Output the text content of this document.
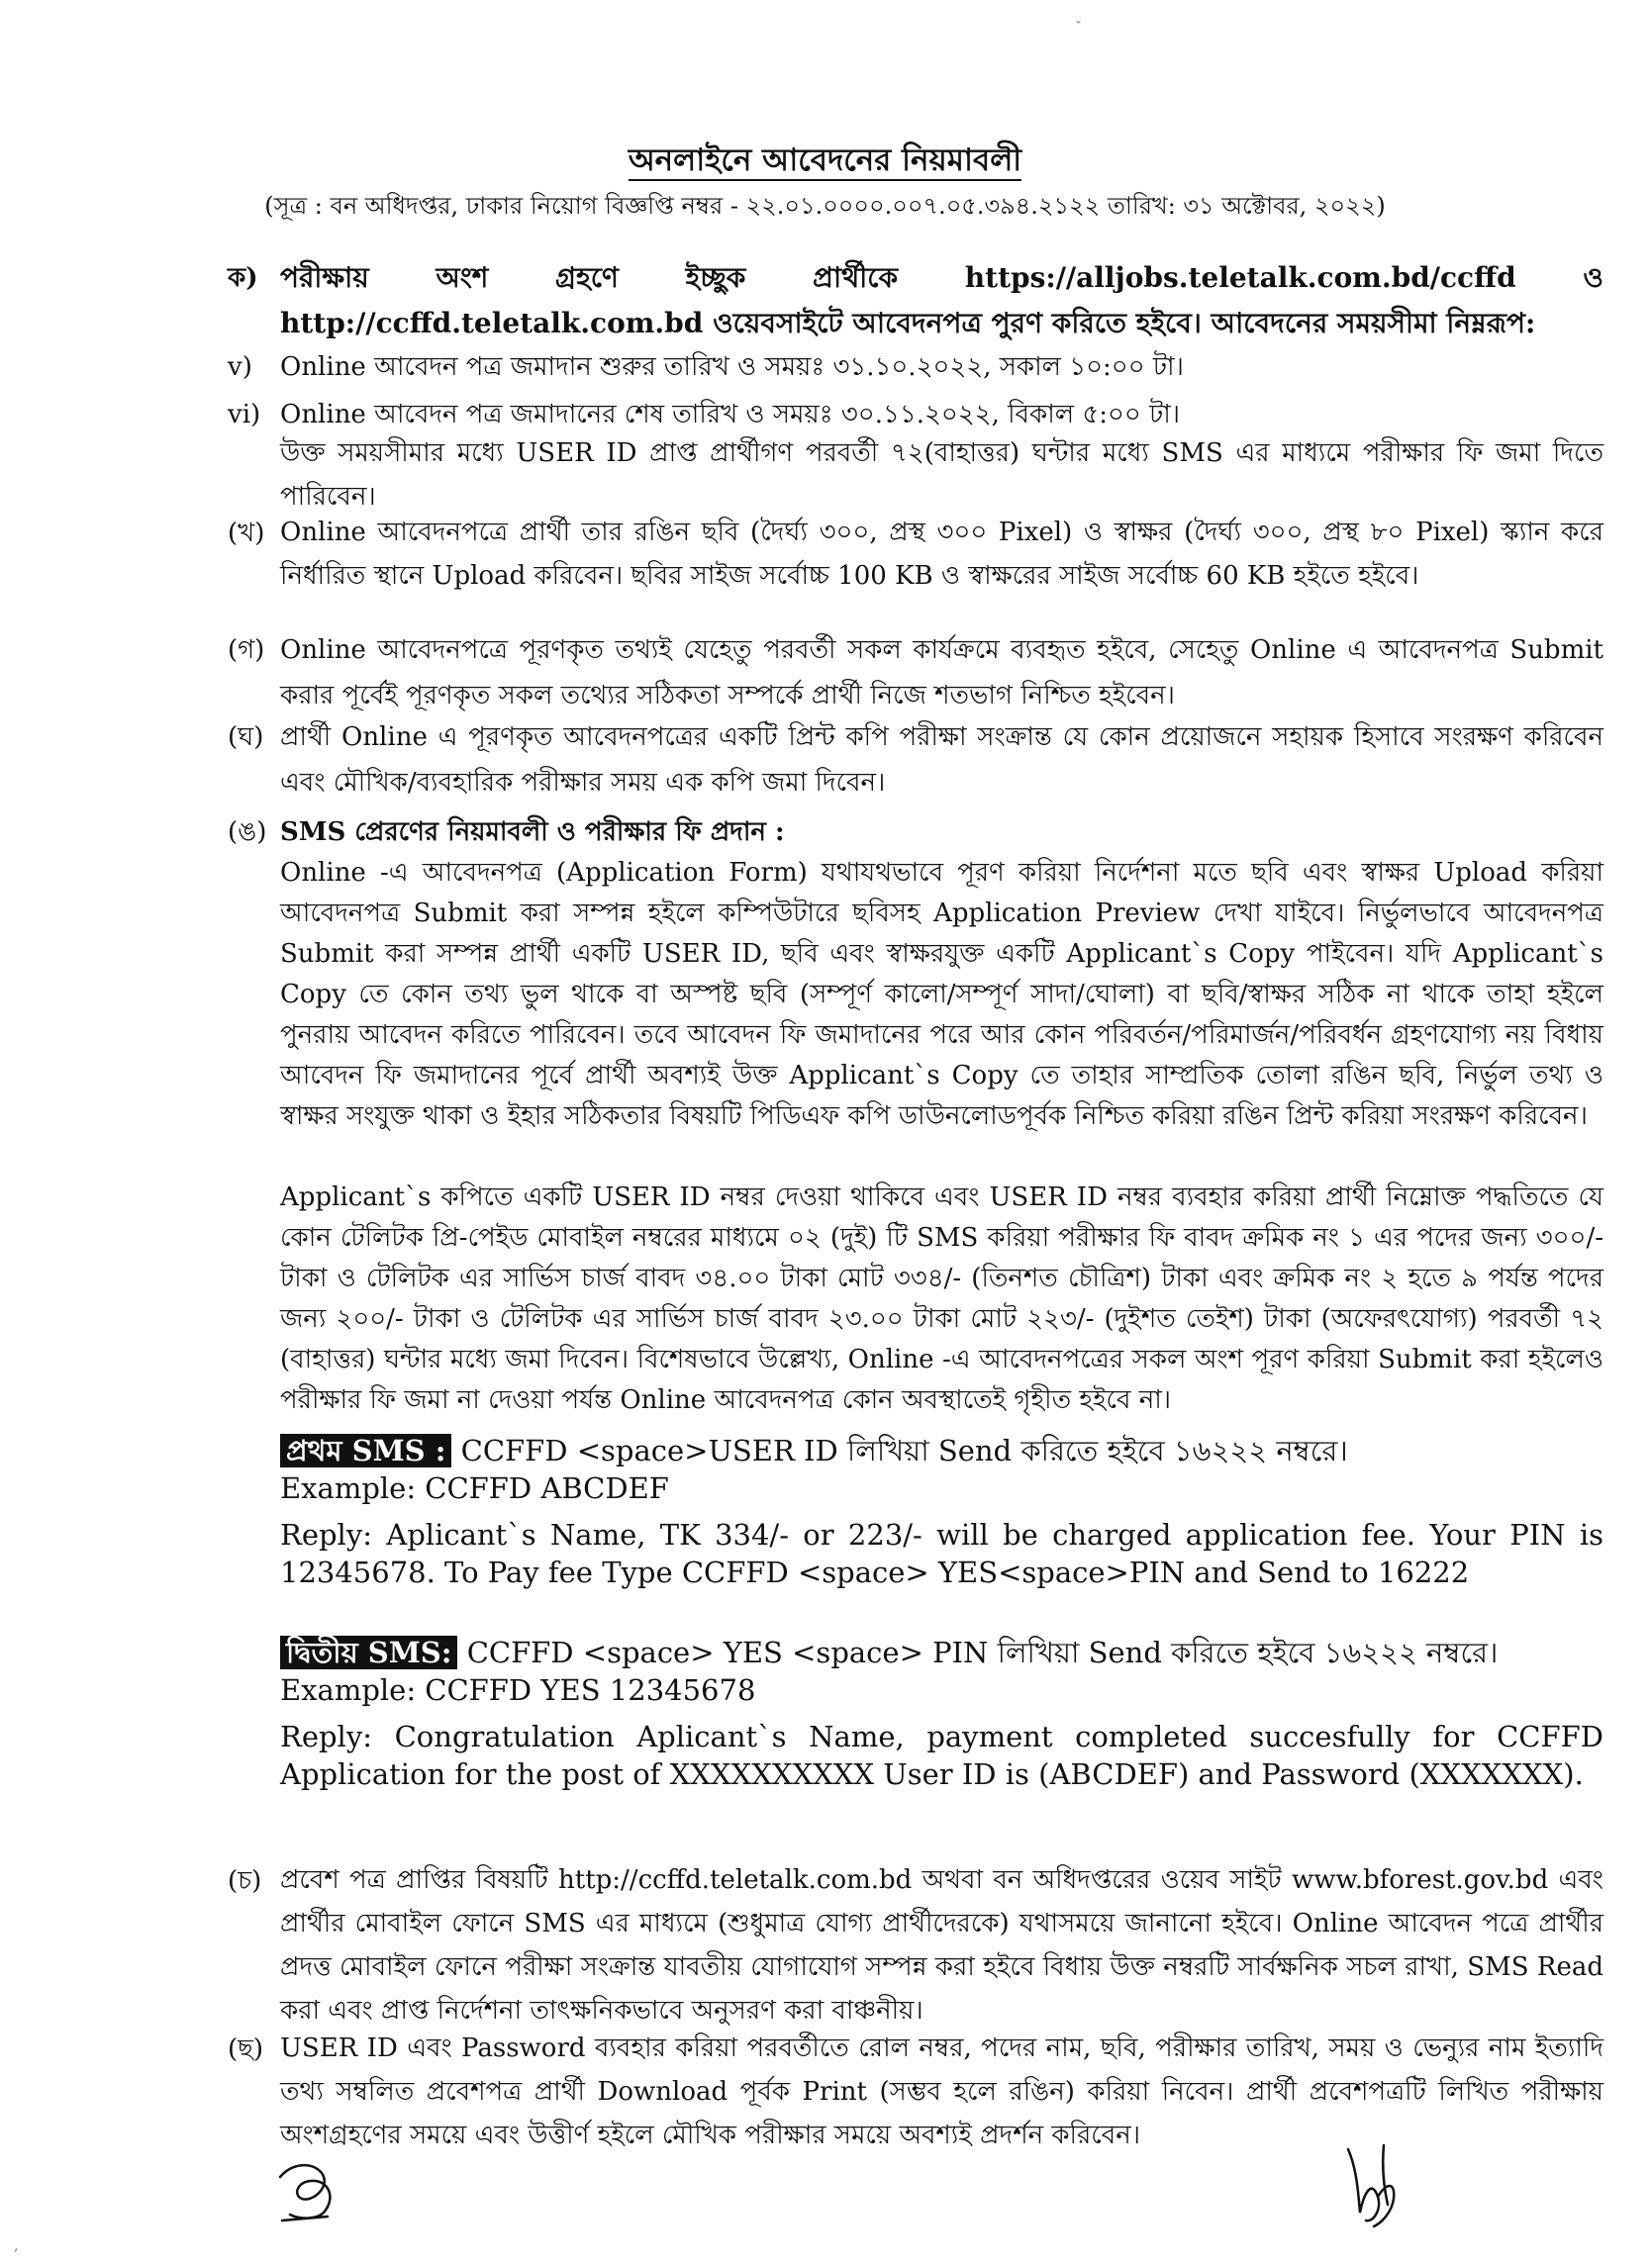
অনলাইনে আবেদনের নিয়মাবলী
(সূত্র : বন অধিদপ্তর, ঢাকার নিয়োগ বিজ্ঞপ্তি নম্বর - ২২.০১.০০০০.০০৭.০৫.৩৯৪.২১২২ তারিখ: ৩১ অক্টোবর, ২০২২)
ক) পরীক্ষায় অংশ গ্রহণে ইচ্ছুক প্রার্থীকে https://alljobs.teletalk.com.bd/ccffd ও http://ccffd.teletalk.com.bd ওয়েবসাইটে আবেদনপত্র পুরণ করিতে হইবে। আবেদনের সময়সীমা নিম্নরূপ:
v)	Online আবেদন পত্র জমাদান শুরুর তারিখ ও সময়ঃ ৩১.১০.২০২২, সকাল ১০:০০ টা।
vi) Online আবেদন পত্র জমাদানের শেষ তারিখ ও সময়ঃ ৩০.১১.২০২২, বিকাল ৫:০০ টা।
উক্ত সময়সীমার মধ্যে USER ID প্রাপ্ত প্রার্থীগণ পরবর্তী ৭২(বাহাত্তর) ঘন্টার মধ্যে SMS এর মাধ্যমে পরীক্ষার ফি জমা দিতে পারিবেন।
(খ) Online আবেদনপত্রে প্রার্থী তার রঙিন ছবি (দৈর্ঘ্য ৩০০, প্রস্থ ৩০০ Pixel) ও স্বাক্ষর (দৈর্ঘ্য ৩০০, প্রস্থ ৮০ Pixel) স্ক্যান করে নির্ধারিত স্থানে Upload করিবেন। ছবির সাইজ সর্বোচ্চ 100 KB ও স্বাক্ষরের সাইজ সর্বোচ্চ 60 KB হইতে হইবে।
(গ) Online আবেদনপত্রে পূরণকৃত তথ্যই যেহেতু পরবর্তী সকল কার্যক্রমে ব্যবহৃত হইবে, সেহেতু Online এ আবেদনপত্র Submit করার পূর্বেই পূরণকৃত সকল তথ্যের সঠিকতা সম্পর্কে প্রার্থী নিজে শতভাগ নিশ্চিত হইবেন।
(ঘ) প্রার্থী Online এ পূরণকৃত আবেদনপত্রের একটি প্রিন্ট কপি পরীক্ষা সংক্রান্ত যে কোন প্রয়োজনে সহায়ক হিসাবে সংরক্ষণ করিবেন এবং মৌখিক/ব্যবহারিক পরীক্ষার সময় এক কপি জমা দিবেন।
(ঙ) SMS প্রেরণের নিয়মাবলী ও পরীক্ষার ফি প্রদান :
Online -এ আবেদনপত্র (Application Form) যথাযথভাবে পূরণ করিয়া নির্দেশনা মতে ছবি এবং স্বাক্ষর Upload করিয়া আবেদনপত্র Submit করা সম্পন্ন হইলে কম্পিউটারে ছবিসহ Application Preview দেখা যাইবে। নির্ভুলভাবে আবেদনপত্র Submit করা সম্পন্ন প্রার্থী একটি USER ID, ছবি এবং স্বাক্ষরযুক্ত একটি Applicant`s Copy পাইবেন। যদি Applicant`s Copy তে কোন তথ্য ভুল থাকে বা অস্পষ্ট ছবি (সম্পূর্ণ কালো/সম্পূর্ণ সাদা/ঘোলা) বা ছবি/স্বাক্ষর সঠিক না থাকে তাহা হইলে পুনরায় আবেদন করিতে পারিবেন। তবে আবেদন ফি জমাদানের পরে আর কোন পরিবর্তন/পরিমার্জন/পরিবর্ধন গ্রহণযোগ্য নয় বিধায় আবেদন ফি জমাদানের পূর্বে প্রার্থী অবশ্যই উক্ত Applicant`s Copy তে তাহার সাম্প্রতিক তোলা রঙিন ছবি, নির্ভুল তথ্য ও স্বাক্ষর সংযুক্ত থাকা ও ইহার সঠিকতার বিষয়টি পিডিএফ কপি ডাউনলোডপূর্বক নিশ্চিত করিয়া রঙিন প্রিন্ট করিয়া সংরক্ষণ করিবেন।
Applicant`s কপিতে একটি USER ID নম্বর দেওয়া থাকিবে এবং USER ID নম্বর ব্যবহার করিয়া প্রার্থী নিম্নোক্ত পদ্ধতিতে যে কোন টেলিটক প্রি-পেইড মোবাইল নম্বরের মাধ্যমে ০২ (দুই) টি SMS করিয়া পরীক্ষার ফি বাবদ ক্রমিক নং ১ এর পদের জন্য ৩০০/- টাকা ও টেলিটক এর সার্ভিস চার্জ বাবদ ৩৪.০০ টাকা মোট ৩৩৪/- (তিনশত চৌত্রিশ) টাকা এবং ক্রমিক নং ২ হতে ৯ পর্যন্ত পদের জন্য ২০০/- টাকা ও টেলিটক এর সার্ভিস চার্জ বাবদ ২৩.০০ টাকা মোট ২২৩/- (দুইশত তেইশ) টাকা (অফেরৎযোগ্য) পরবর্তী ৭২ (বাহাত্তর) ঘন্টার মধ্যে জমা দিবেন। বিশেষভাবে উল্লেখ্য, Online -এ আবেদনপত্রের সকল অংশ পূরণ করিয়া Submit করা হইলেও পরীক্ষার ফি জমা না দেওয়া পর্যন্ত Online আবেদনপত্র কোন অবস্থাতেই গৃহীত হইবে না।
প্রথম SMS : CCFFD <space>USER ID লিখিয়া Send করিতে হইবে ১৬২২২ নম্বরে।
Example: CCFFD ABCDEF
Reply: Aplicant`s Name, TK 334/- or 223/- will be charged application fee. Your PIN is 12345678. To Pay fee Type CCFFD <space> YES<space>PIN and Send to 16222
দ্বিতীয় SMS: CCFFD <space> YES <space> PIN লিখিয়া Send করিতে হইবে ১৬২২২ নম্বরে।
Example: CCFFD YES 12345678
Reply: Congratulation Aplicant`s Name, payment completed succesfully for CCFFD Application for the post of XXXXXXXXXX User ID is (ABCDEF) and Password (XXXXXXX).
(চ) প্রবেশ পত্র প্রাপ্তির বিষয়টি http://ccffd.teletalk.com.bd অথবা বন অধিদপ্তরের ওয়েব সাইট www.bforest.gov.bd এবং প্রার্থীর মোবাইল ফোনে SMS এর মাধ্যমে (শুধুমাত্র যোগ্য প্রার্থীদেরকে) যথাসময়ে জানানো হইবে। Online আবেদন পত্রে প্রার্থীর প্রদত্ত মোবাইল ফোনে পরীক্ষা সংক্রান্ত যাবতীয় যোগাযোগ সম্পন্ন করা হইবে বিধায় উক্ত নম্বরটি সার্বক্ষনিক সচল রাখা, SMS Read করা এবং প্রাপ্ত নির্দেশনা তাৎক্ষনিকভাবে অনুসরণ করা বাঞ্চনীয়।
(ছ) USER ID এবং Password ব্যবহার করিয়া পরবর্তীতে রোল নম্বর, পদের নাম, ছবি, পরীক্ষার তারিখ, সময় ও ভেন্যুর নাম ইত্যাদি তথ্য সম্বলিত প্রবেশপত্র প্রার্থী Download পূর্বক Print (সম্ভব হলে রঙিন) করিয়া নিবেন। প্রার্থী প্রবেশপত্রটি লিখিত পরীক্ষায় অংশগ্রহণের সময়ে এবং উত্তীর্ণ হইলে মৌখিক পরীক্ষার সময়ে অবশ্যই প্রদর্শন করিবেন।
ˇ
,
